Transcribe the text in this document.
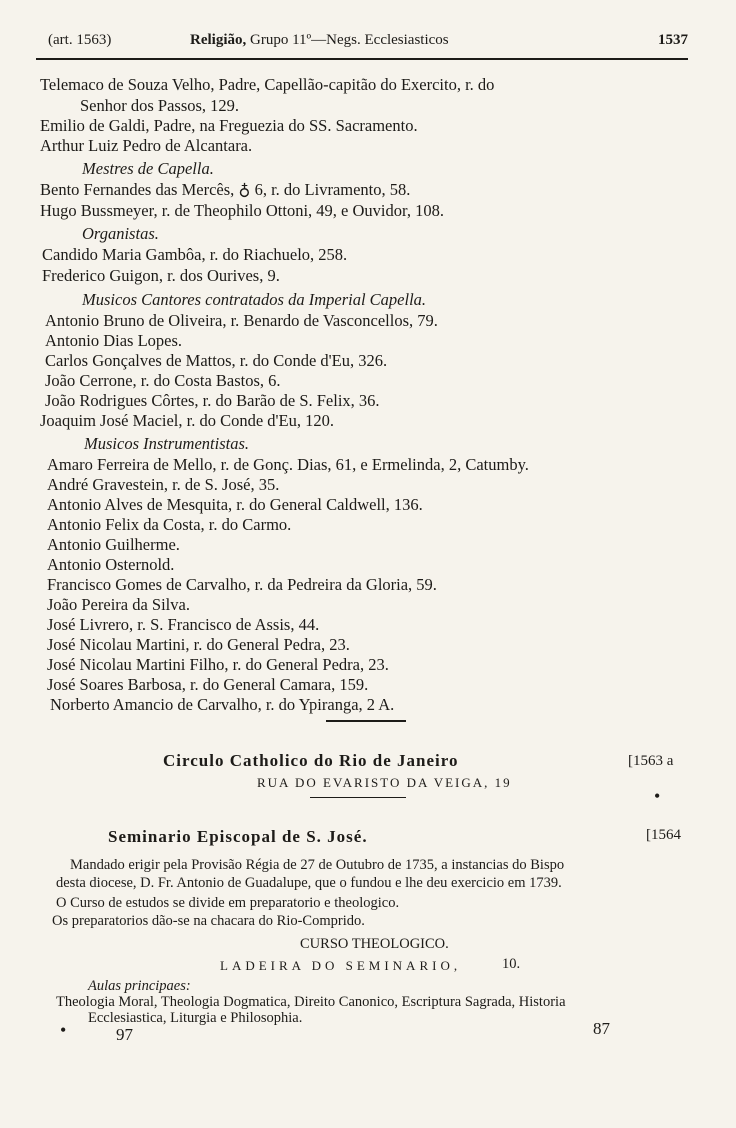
(art. 1563)	Religião, Grupo 11º—Negs. Ecclesiasticos	1537
Telemaco de Souza Velho, Padre, Capellão-capitão do Exercito, r. do
Senhor dos Passos, 129.
Emilio de Galdi, Padre, na Freguezia do SS. Sacramento.
Arthur Luiz Pedro de Alcantara.
Mestres de Capella.
Bento Fernandes das Mercês, ♁ 6, r. do Livramento, 58.
Hugo Bussmeyer, r. de Theophilo Ottoni, 49, e Ouvidor, 108.
Organistas.
Candido Maria Gambôa, r. do Riachuelo, 258.
Frederico Guigon, r. dos Ourives, 9.
Musicos Cantores contratados da Imperial Capella.
Antonio Bruno de Oliveira, r. Benardo de Vasconcellos, 79.
Antonio Dias Lopes.
Carlos Gonçalves de Mattos, r. do Conde d'Eu, 326.
João Cerrone, r. do Costa Bastos, 6.
João Rodrigues Côrtes, r. do Barão de S. Felix, 36.
Joaquim José Maciel, r. do Conde d'Eu, 120.
Musicos Instrumentistas.
Amaro Ferreira de Mello, r. de Gonç. Dias, 61, e Ermelinda, 2, Catumby.
André Gravestein, r. de S. José, 35.
Antonio Alves de Mesquita, r. do General Caldwell, 136.
Antonio Felix da Costa, r. do Carmo.
Antonio Guilherme.
Antonio Osternold.
Francisco Gomes de Carvalho, r. da Pedreira da Gloria, 59.
João Pereira da Silva.
José Livrero, r. S. Francisco de Assis, 44.
José Nicolau Martini, r. do General Pedra, 23.
José Nicolau Martini Filho, r. do General Pedra, 23.
José Soares Barbosa, r. do General Camara, 159.
Norberto Amancio de Carvalho, r. do Ypiranga, 2 A.
Circulo Catholico do Rio de Janeiro	[1563 a
RUA DO EVARISTO DA VEIGA, 19
•
Seminario Episcopal de S. José.	[1564
Mandado erigir pela Provisão Régia de 27 de Outubro de 1735, a instancias do Bispo
desta diocese, D. Fr. Antonio de Guadalupe, que o fundou e lhe deu exercicio em 1739.
O Curso de estudos se divide em preparatorio e theologico.
Os preparatorios dão-se na chacara do Rio-Comprido.
CURSO THEOLOGICO.
LADEIRA DO SEMINARIO,	10.
Aulas principaes:
Theologia Moral, Theologia Dogmatica, Direito Canonico, Escriptura Sagrada, Historia
Ecclesiastica, Liturgia e Philosophia.
•	97	87
